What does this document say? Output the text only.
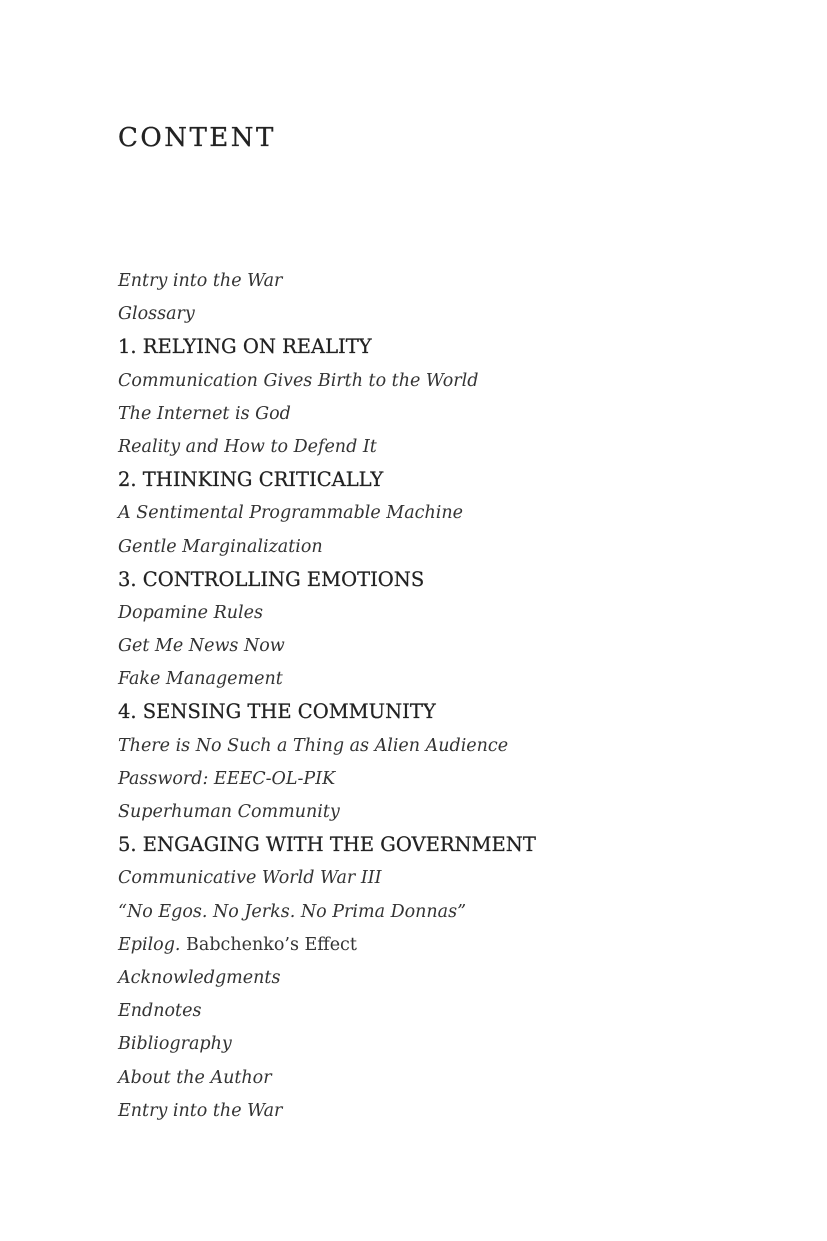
CONTENT
Entry into the War
Glossary
1. RELYING ON REALITY
Communication Gives Birth to the World
The Internet is God
Reality and How to Defend It
2. THINKING CRITICALLY
A Sentimental Programmable Machine
Gentle Marginalization
3. CONTROLLING EMOTIONS
Dopamine Rules
Get Me News Now
Fake Management
4. SENSING THE COMMUNITY
There is No Such a Thing as Alien Audience
Password: EEEC-OL-PIK
Superhuman Community
5. ENGAGING WITH THE GOVERNMENT
Communicative World War III
“No Egos. No Jerks. No Prima Donnas”
Epilog. Babchenko’s Effect
Acknowledgments
Endnotes
Bibliography
About the Author
Entry into the War
